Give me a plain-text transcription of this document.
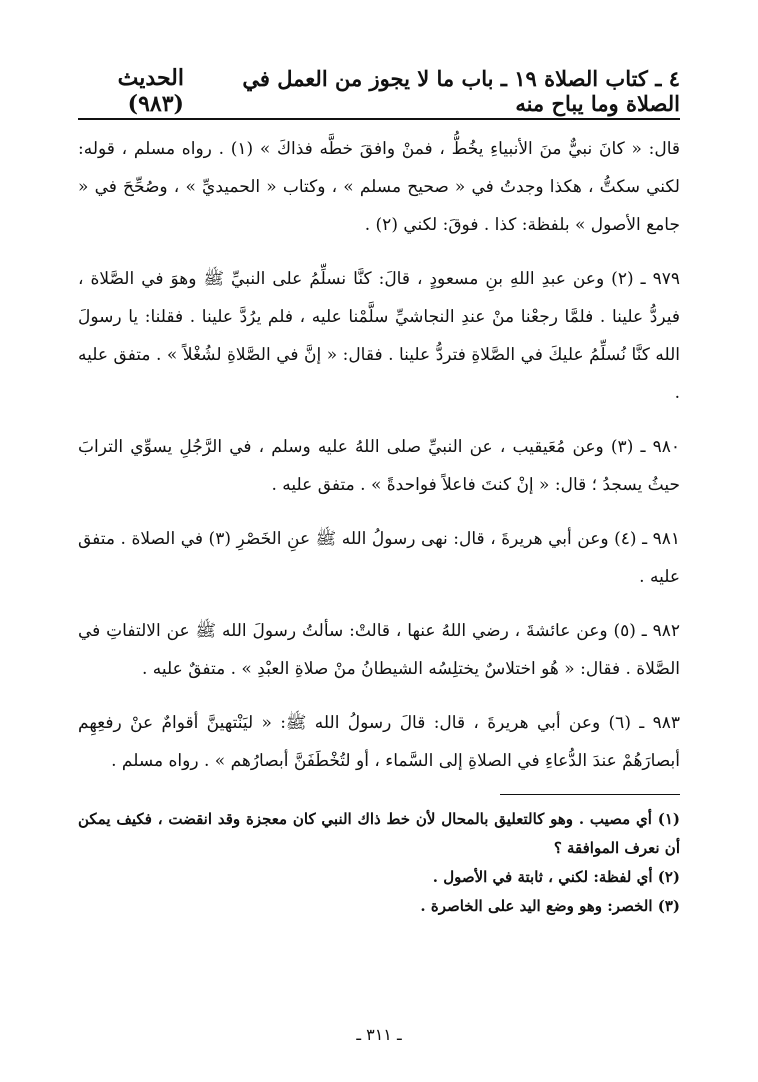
٤ ـ كتاب الصلاة ١٩ ـ باب ما لا يجوز من العمل في الصلاة وما يباح منه
الحديث (٩٨٣)

قال: « كانَ نبيٌّ منَ الأنبياءِ يخُطُّ ، فمنْ وافقَ خطَّه فذاكَ » (١) . رواه مسلم ، قوله: لكني سكتُّ ، هكذا وجدتُ في « صحيح مسلم » ، وكتاب « الحميديِّ » ، وصُحِّحَ في « جامع الأصول » بلفظة: كذا . فوقَ: لكني (٢) .

٩٧٩ ـ (٢) وعن عبدِ اللهِ بنِ مسعودٍ ، قالَ: كنَّا نسلِّمُ على النبيِّ ﷺ وهوَ في الصَّلاة ، فيردُّ علينا . فلمَّا رجعْنا منْ عندِ النجاشيِّ سلَّمْنا عليه ، فلم يرُدَّ علينا . فقلنا: يا رسولَ الله كنَّا نُسلِّمُ عليكَ في الصَّلاةِ فتردُّ علينا . فقال: « إنَّ في الصَّلاةِ لشُغْلاً » . متفق عليه .

٩٨٠ ـ (٣) وعن مُعَيقيب ، عن النبيِّ صلى اللهُ عليه وسلم ، في الرَّجُلِ يسوِّي الترابَ حيثُ يسجدُ ؛ قال: « إنْ كنتَ فاعلاً فواحدةً » . متفق عليه .

٩٨١ ـ (٤) وعن أبي هريرةَ ، قال: نهى رسولُ الله ﷺ عنِ الخَصْرِ (٣) في الصلاة . متفق عليه .

٩٨٢ ـ (٥) وعن عائشةَ ، رضي اللهُ عنها ، قالتْ: سألتُ رسولَ الله ﷺ عن الالتفاتِ في الصَّلاة . فقال: « هُو اختلاسٌ يختلِسُه الشيطانُ منْ صلاةِ العبْدِ » . متفقٌ عليه .

٩٨٣ ـ (٦) وعن أبي هريرةَ ، قال: قالَ رسولُ الله ﷺ: « ليَنْتهينَّ أقوامٌ عنْ رفعِهِم أبصارَهُمْ عندَ الدُّعاءِ في الصلاةِ إلى السَّماء ، أو لتُخْطَفَنَّ أبصارُهم » . رواه مسلم .

(١) أي مصيب . وهو كالتعليق بالمحال لأن خط ذاك النبي كان معجزة وقد انقضت ، فكيف يمكن أن نعرف الموافقة ؟

(٢) أي لفظة: لكني ، ثابتة في الأصول .

(٣) الخصر: وهو وضع اليد على الخاصرة .

ـ ٣١١ ـ
